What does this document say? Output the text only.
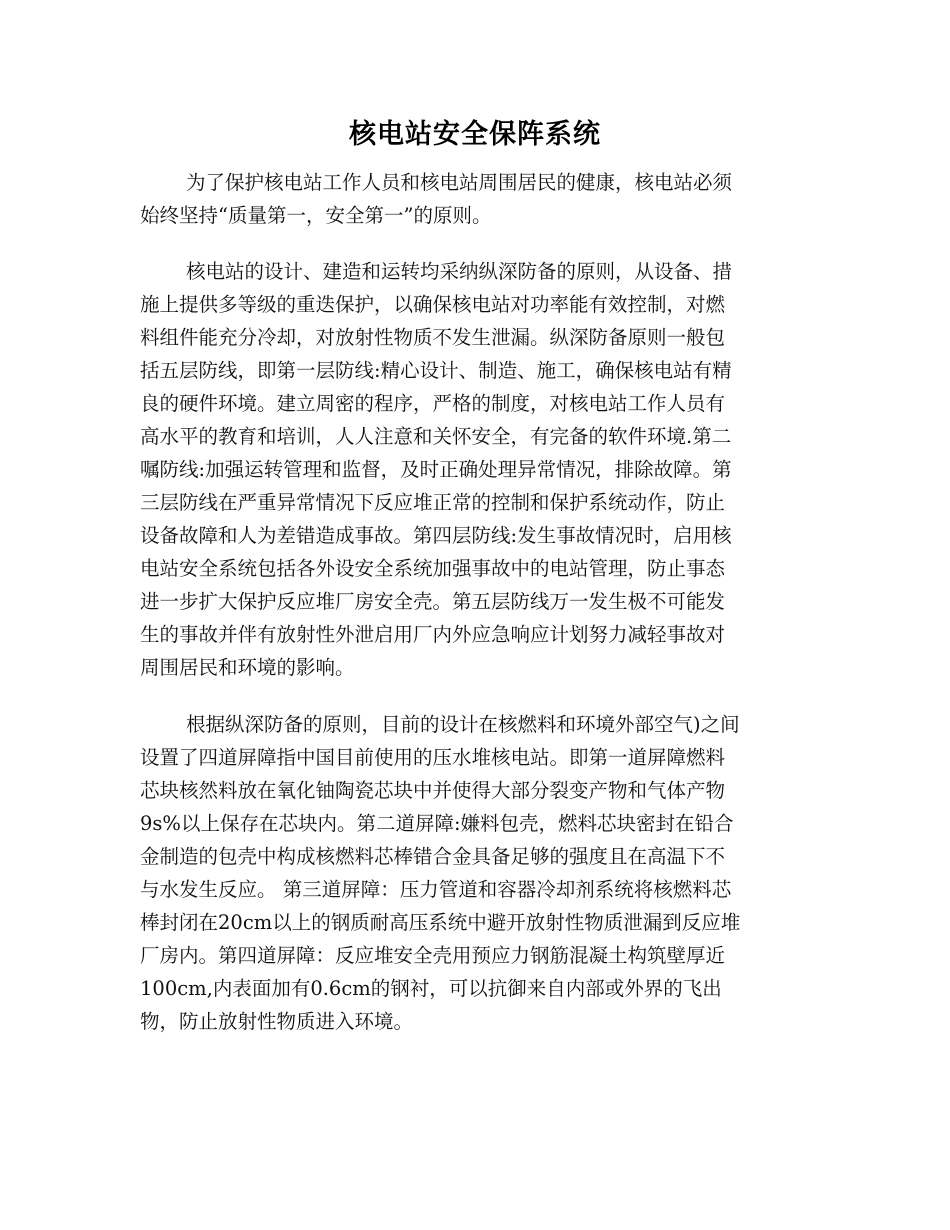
核电站安全保阵系统
为了保护核电站工作人员和核电站周围居民的健康，核电站必须
始终坚持“质量第一，安全第一”的原则。
核电站的设计、建造和运转均采纳纵深防备的原则，从设备、措
施上提供多等级的重迭保护，以确保核电站对功率能有效控制，对燃
料组件能充分冷却，对放射性物质不发生泄漏。纵深防备原则一般包
括五层防线，即第一层防线:精心设计、制造、施工，确保核电站有精
良的硬件环境。建立周密的程序，严格的制度，对核电站工作人员有
高水平的教育和培训，人人注意和关怀安全，有完备的软件环境.第二
嘱防线:加强运转管理和监督，及时正确处理异常情况，排除故障。第
三层防线在严重异常情况下反应堆正常的控制和保护系统动作，防止
设备故障和人为差错造成事故。第四层防线:发生事故情况时，启用核
电站安全系统包括各外设安全系统加强事故中的电站管理，防止事态
进一步扩大保护反应堆厂房安全壳。第五层防线万一发生极不可能发
生的事故并伴有放射性外泄启用厂内外应急响应计划努力减轻事故对
周围居民和环境的影响。
根据纵深防备的原则，目前的设计在核燃料和环境外部空气)之间
设置了四道屏障指中国目前使用的压水堆核电站。即第一道屏障燃料
芯块核然料放在氧化铀陶瓷芯块中并使得大部分裂变产物和气体产物
9s%以上保存在芯块内。第二道屏障:嫌料包壳，燃料芯块密封在铅合
金制造的包壳中构成核燃料芯棒错合金具备足够的强度且在高温下不
与水发生反应。 第三道屏障：压力管道和容器冷却剂系统将核燃料芯
棒封闭在20cm以上的钢质耐高压系统中避开放射性物质泄漏到反应堆
厂房内。第四道屏障：反应堆安全壳用预应力钢筋混凝土构筑壁厚近
100cm,内表面加有0.6cm的钢衬，可以抗御来自内部或外界的飞出
物，防止放射性物质进入环境。
